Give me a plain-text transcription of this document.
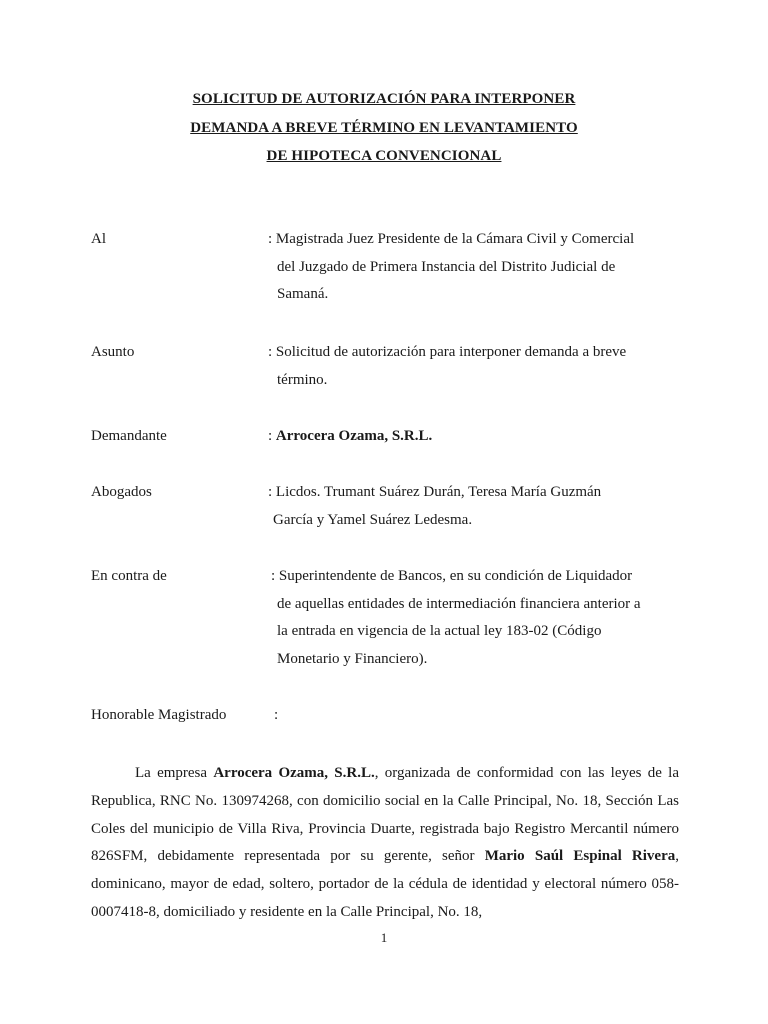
SOLICITUD DE AUTORIZACIÓN PARA INTERPONER
DEMANDA A BREVE TÉRMINO EN LEVANTAMIENTO
DE HIPOTECA CONVENCIONAL
Al	: Magistrada Juez Presidente de la Cámara Civil y Comercial
del Juzgado de Primera Instancia del Distrito Judicial de
Samaná.
Asunto	: Solicitud de autorización para interponer demanda a breve
término.
Demandante	: Arrocera Ozama, S.R.L.
Abogados	: Licdos. Trumant Suárez Durán, Teresa María Guzmán
García y Yamel Suárez Ledesma.
En contra de	: Superintendente de Bancos, en su condición de Liquidador
de aquellas entidades de intermediación financiera anterior a
la entrada en vigencia de la actual ley 183-02 (Código
Monetario y Financiero).
Honorable Magistrado	:
La empresa Arrocera Ozama, S.R.L., organizada de conformidad con las leyes de la Republica, RNC No. 130974268, con domicilio social en la Calle Principal, No. 18, Sección Las Coles del municipio de Villa Riva, Provincia Duarte, registrada bajo Registro Mercantil número 826SFM, debidamente representada por su gerente, señor Mario Saúl Espinal Rivera, dominicano, mayor de edad, soltero, portador de la cédula de identidad y electoral número 058-0007418-8, domiciliado y residente en la Calle Principal, No. 18,
1
